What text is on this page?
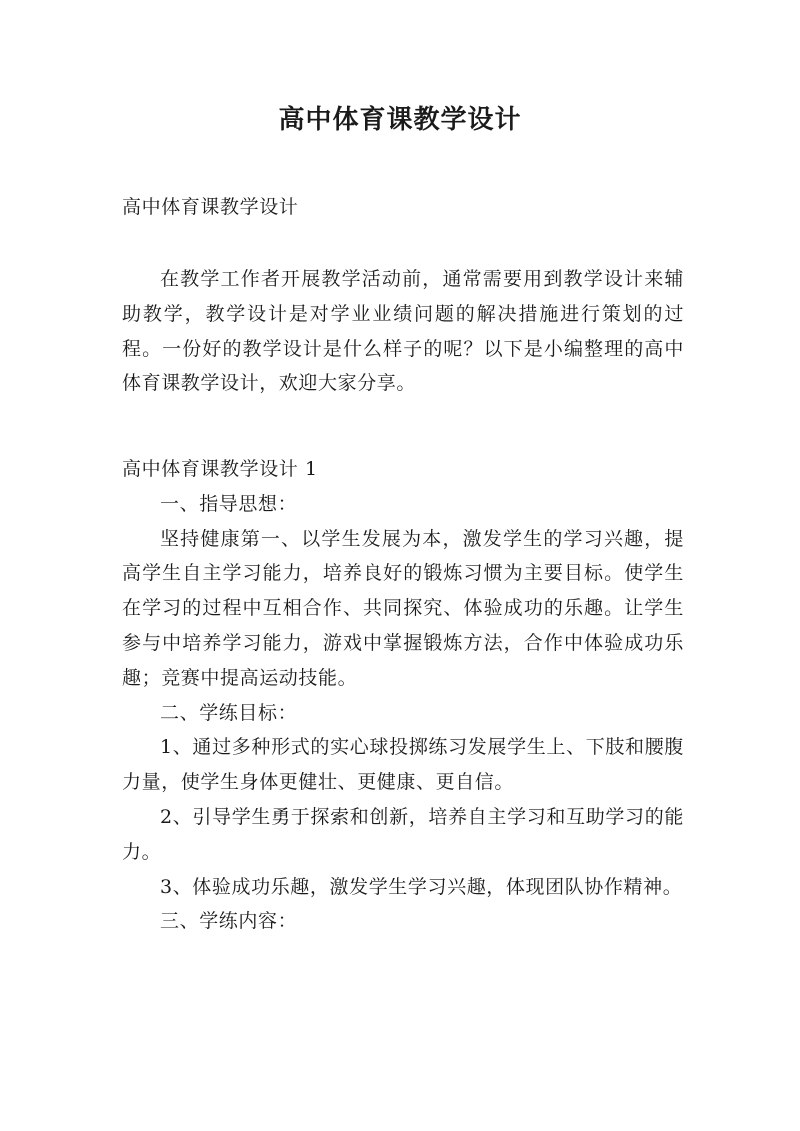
高中体育课教学设计

高中体育课教学设计

在教学工作者开展教学活动前，通常需要用到教学设计来辅助教学，教学设计是对学业业绩问题的解决措施进行策划的过程。一份好的教学设计是什么样子的呢？以下是小编整理的高中体育课教学设计，欢迎大家分享。

高中体育课教学设计 1

一、指导思想：

坚持健康第一、以学生发展为本，激发学生的学习兴趣，提高学生自主学习能力，培养良好的锻炼习惯为主要目标。使学生在学习的过程中互相合作、共同探究、体验成功的乐趣。让学生参与中培养学习能力，游戏中掌握锻炼方法，合作中体验成功乐趣；竞赛中提高运动技能。

二、学练目标：

1、通过多种形式的实心球投掷练习发展学生上、下肢和腰腹力量，使学生身体更健壮、更健康、更自信。

2、引导学生勇于探索和创新，培养自主学习和互助学习的能力。

3、体验成功乐趣，激发学生学习兴趣，体现团队协作精神。

三、学练内容：
